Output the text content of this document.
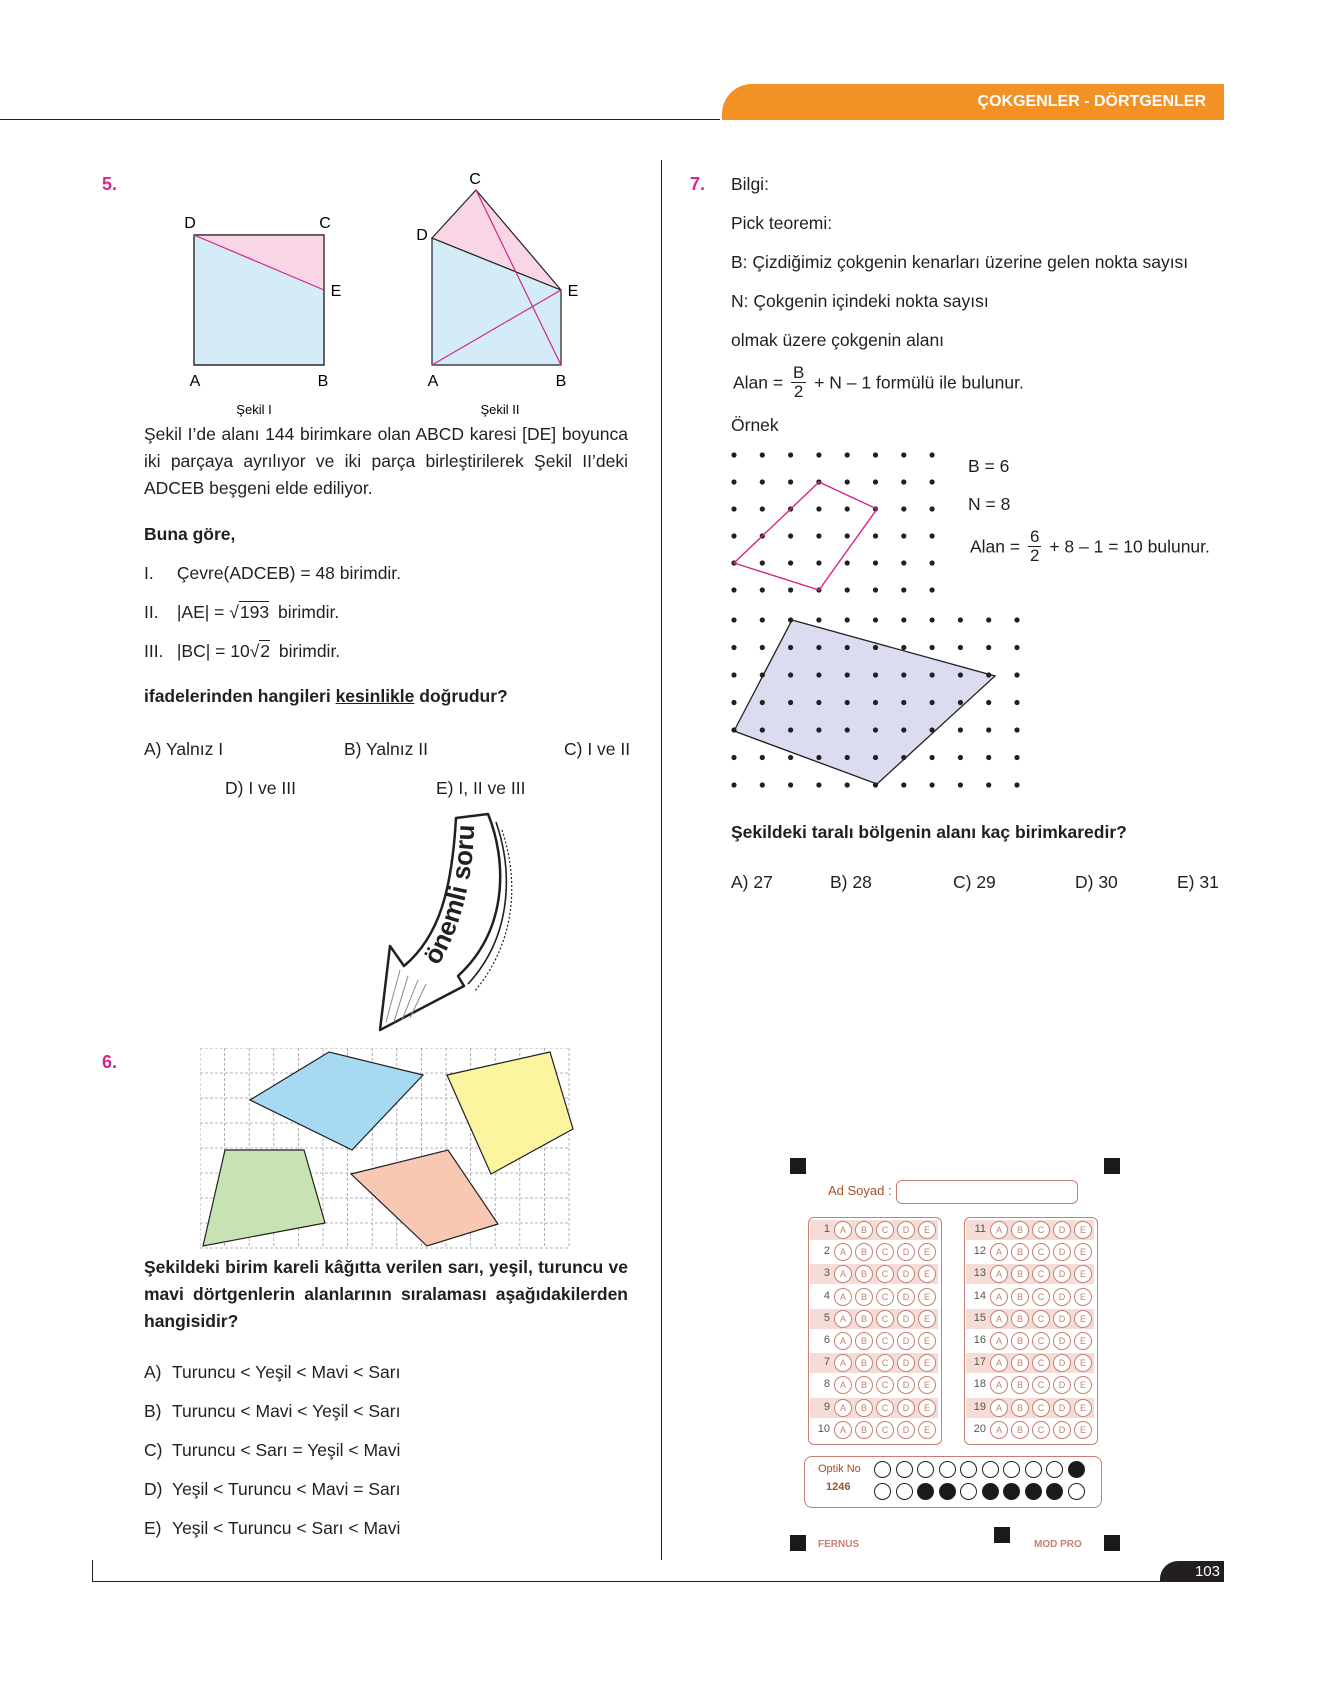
ÇOKGENLER - DÖRTGENLER
5.
D	C
E
A	B
Şekil I
C
D
E
A	B
Şekil II
Şekil I’de alanı 144 birimkare olan ABCD karesi [DE] boyunca
iki parçaya ayrılıyor ve iki parça birleştirilerek Şekil II’deki
ADCEB beşgeni elde ediliyor.
Buna göre,
I. Çevre(ADCEB) = 48 birimdir.
II. |AE| = √193 birimdir.
III. |BC| = 10√2 birimdir.
ifadelerinden hangileri kesinlikle doğrudur?
A) Yalnız I	B) Yalnız II	C) I ve II
D) I ve III	E) I, II ve III
önemli soru
6.
Şekildeki birim kareli kâğıtta verilen sarı, yeşil, turuncu ve
mavi dörtgenlerin alanlarının sıralaması aşağıdakilerden
hangisidir?
A) Turuncu < Yeşil < Mavi < Sarı
B) Turuncu < Mavi < Yeşil < Sarı
C) Turuncu < Sarı = Yeşil < Mavi
D) Yeşil < Turuncu < Mavi = Sarı
E) Yeşil < Turuncu < Sarı < Mavi
7. Bilgi:
Pick teoremi:
B: Çizdiğimiz çokgenin kenarları üzerine gelen nokta sayısı
N: Çokgenin içindeki nokta sayısı
olmak üzere çokgenin alanı
Alan = $\frac{B}{2} + N - 1$ formülü ile bulunur.
Örnek
B = 6
N = 8
Alan = $\frac{6}{2} + 8 - 1 = 10$ bulunur.
Şekildeki taralı bölgenin alanı kaç birimkaredir?
A) 27	B) 28	C) 29	D) 30	E) 31
Ad Soyad :
1	A	B	C	D	E
2	A	B	C	D	E
3	A	B	C	D	E
4	A	B	C	D	E
5	A	B	C	D	E
6	A	B	C	D	E
7	A	B	C	D	E
8	A	B	C	D	E
9	A	B	C	D	E
10	A	B	C	D	E
11	A	B	C	D	E
12	A	B	C	D	E
13	A	B	C	D	E
14	A	B	C	D	E
15	A	B	C	D	E
16	A	B	C	D	E
17	A	B	C	D	E
18	A	B	C	D	E
19	A	B	C	D	E
20	A	B	C	D	E
Optik No
1246
FERNUS	MOD PRO
103
